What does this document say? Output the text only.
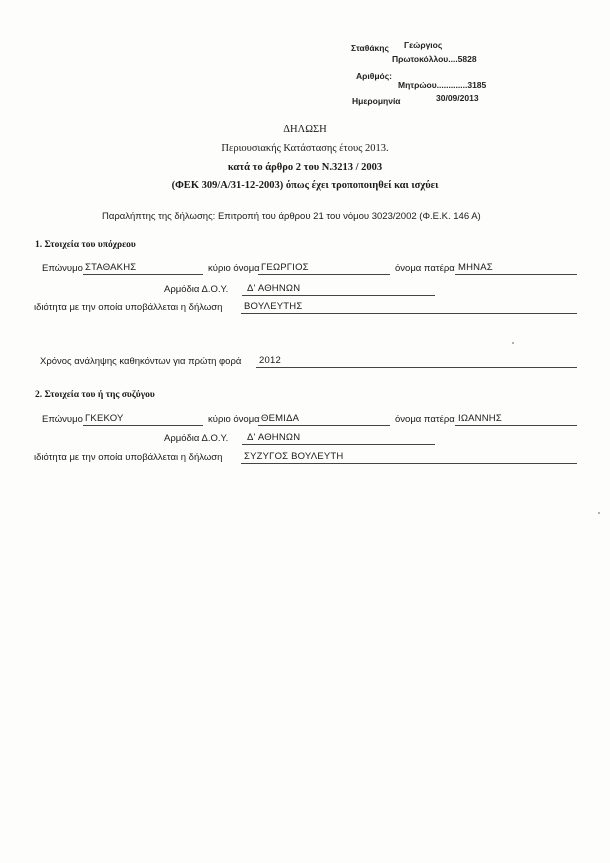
Σταθάκης Γεώργιος
Πρωτοκόλλου....5828
Αριθμός:
Μητρώου.............3185
Ημερομηνία	30/09/2013
ΔΗΛΩΣΗ
Περιουσιακής Κατάστασης έτους 2013.
κατά το άρθρο 2 του Ν.3213 / 2003
(ΦΕΚ 309/Α/31-12-2003) όπως έχει τροποποιηθεί και ισχύει
Παραλήπτης της δήλωσης: Επιτροπή του άρθρου 21 του νόμου 3023/2002 (Φ.Ε.Κ. 146 Α)
1. Στοιχεία του υπόχρεου
Επώνυμο ΣΤΑΘΑΚΗΣ	κύριο όνομα ΓΕΩΡΓΙΟΣ	όνομα πατέρα ΜΗΝΑΣ
Αρμόδια Δ.Ο.Υ. Δ' ΑΘΗΝΩΝ
ιδιότητα με την οποία υποβάλλεται η δήλωση ΒΟΥΛΕΥΤΗΣ
Χρόνος ανάληψης καθηκόντων για πρώτη φορά 2012
2. Στοιχεία του ή της συζύγου
Επώνυμο ΓΚΕΚΟΥ	κύριο όνομα ΘΕΜΙΔΑ	όνομα πατέρα ΙΩΑΝΝΗΣ
Αρμόδια Δ.Ο.Υ. Δ' ΑΘΗΝΩΝ
ιδιότητα με την οποία υποβάλλεται η δήλωση ΣΥΖΥΓΟΣ ΒΟΥΛΕΥΤΗ
